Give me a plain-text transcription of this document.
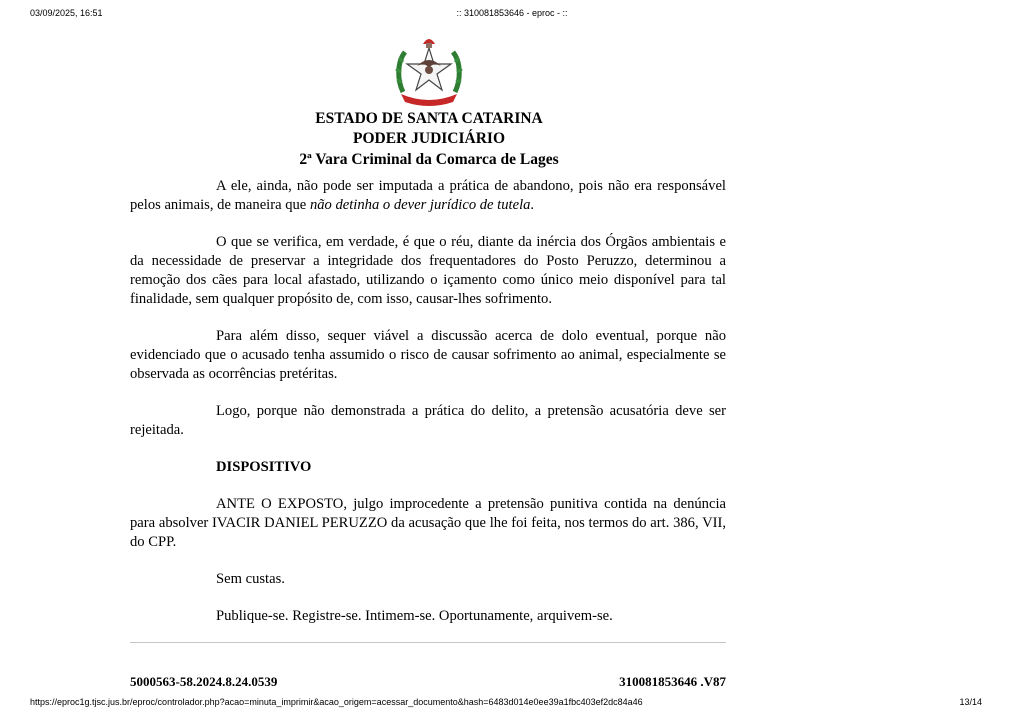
03/09/2025, 16:51	:: 310081853646 - eproc - ::
ESTADO DE SANTA CATARINA
PODER JUDICIÁRIO
2ª Vara Criminal da Comarca de Lages

A ele, ainda, não pode ser imputada a prática de abandono, pois não era responsável pelos animais, de maneira que não detinha o dever jurídico de tutela.

O que se verifica, em verdade, é que o réu, diante da inércia dos Órgãos ambientais e da necessidade de preservar a integridade dos frequentadores do Posto Peruzzo, determinou a remoção dos cães para local afastado, utilizando o içamento como único meio disponível para tal finalidade, sem qualquer propósito de, com isso, causar-lhes sofrimento.

Para além disso, sequer viável a discussão acerca de dolo eventual, porque não evidenciado que o acusado tenha assumido o risco de causar sofrimento ao animal, especialmente se observada as ocorrências pretéritas.

Logo, porque não demonstrada a prática do delito, a pretensão acusatória deve ser rejeitada.

DISPOSITIVO

ANTE O EXPOSTO, julgo improcedente a pretensão punitiva contida na denúncia para absolver IVACIR DANIEL PERUZZO da acusação que lhe foi feita, nos termos do art. 386, VII, do CPP.

Sem custas.

Publique-se. Registre-se. Intimem-se. Oportunamente, arquivem-se.

5000563-58.2024.8.24.0539	310081853646 .V87
https://eproc1g.tjsc.jus.br/eproc/controlador.php?acao=minuta_imprimir&acao_origem=acessar_documento&hash=6483d014e0ee39a1fbc403ef2dc84a46	13/14
